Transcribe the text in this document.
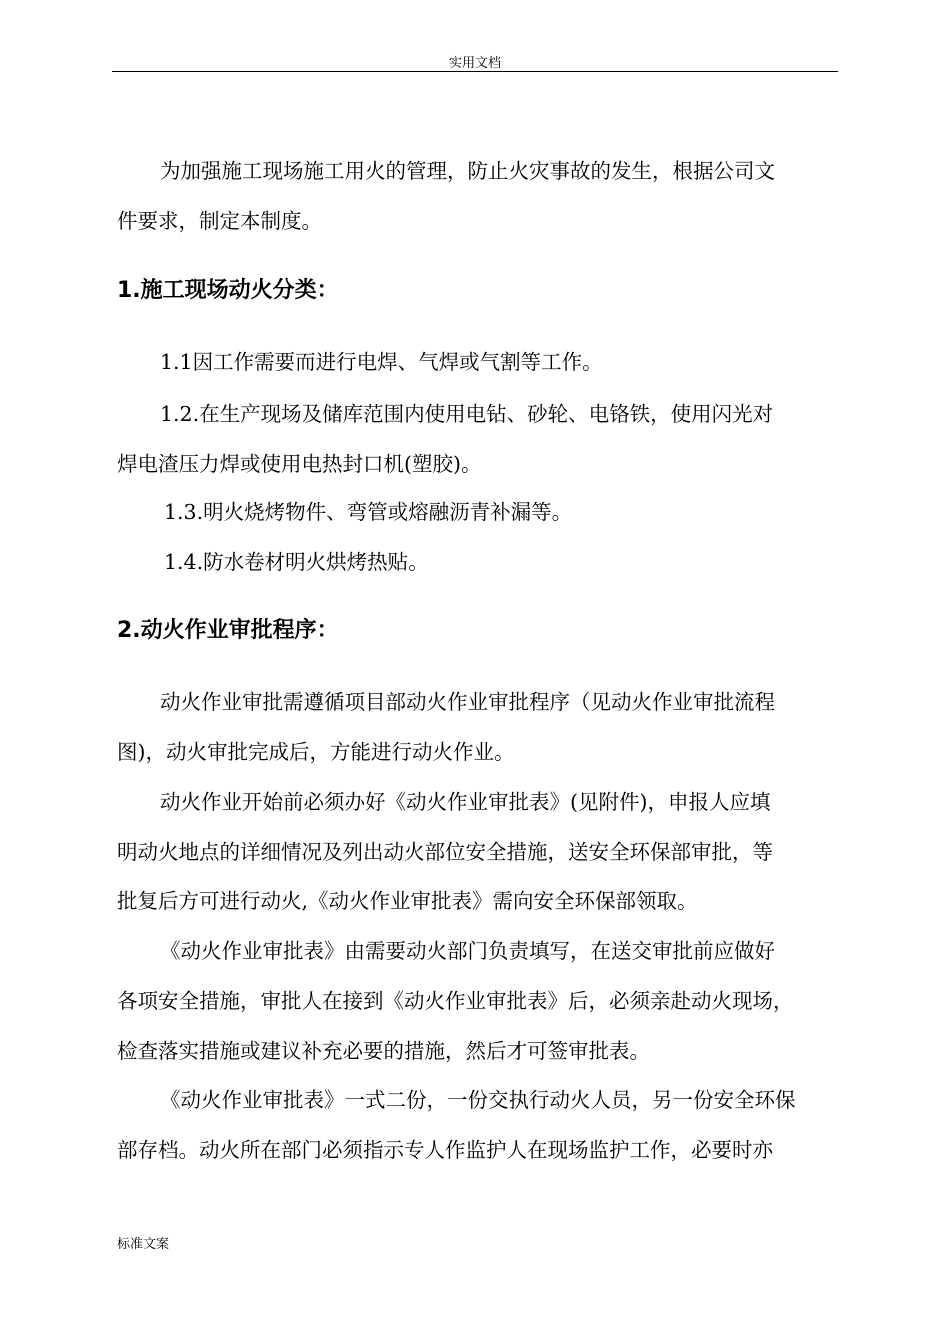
实用文档
为加强施工现场施工用火的管理，防止火灾事故的发生，根据公司文
件要求，制定本制度。
1.施工现场动火分类：
1.1因工作需要而进行电焊、气焊或气割等工作。
1.2.在生产现场及储库范围内使用电钻、砂轮、电铬铁，使用闪光对
焊电渣压力焊或使用电热封口机(塑胶)。
1.3.明火烧烤物件、弯管或熔融沥青补漏等。
1.4.防水卷材明火烘烤热贴。
2.动火作业审批程序：
动火作业审批需遵循项目部动火作业审批程序（见动火作业审批流程
图)，动火审批完成后，方能进行动火作业。
动火作业开始前必须办好《动火作业审批表》(见附件)，申报人应填
明动火地点的详细情况及列出动火部位安全措施，送安全环保部审批，等
批复后方可进行动火,《动火作业审批表》需向安全环保部领取。
《动火作业审批表》由需要动火部门负责填写，在送交审批前应做好
各项安全措施，审批人在接到《动火作业审批表》后，必须亲赴动火现场，
检查落实措施或建议补充必要的措施，然后才可签审批表。
《动火作业审批表》一式二份，一份交执行动火人员，另一份安全环保
部存档。动火所在部门必须指示专人作监护人在现场监护工作，必要时亦
标准文案
